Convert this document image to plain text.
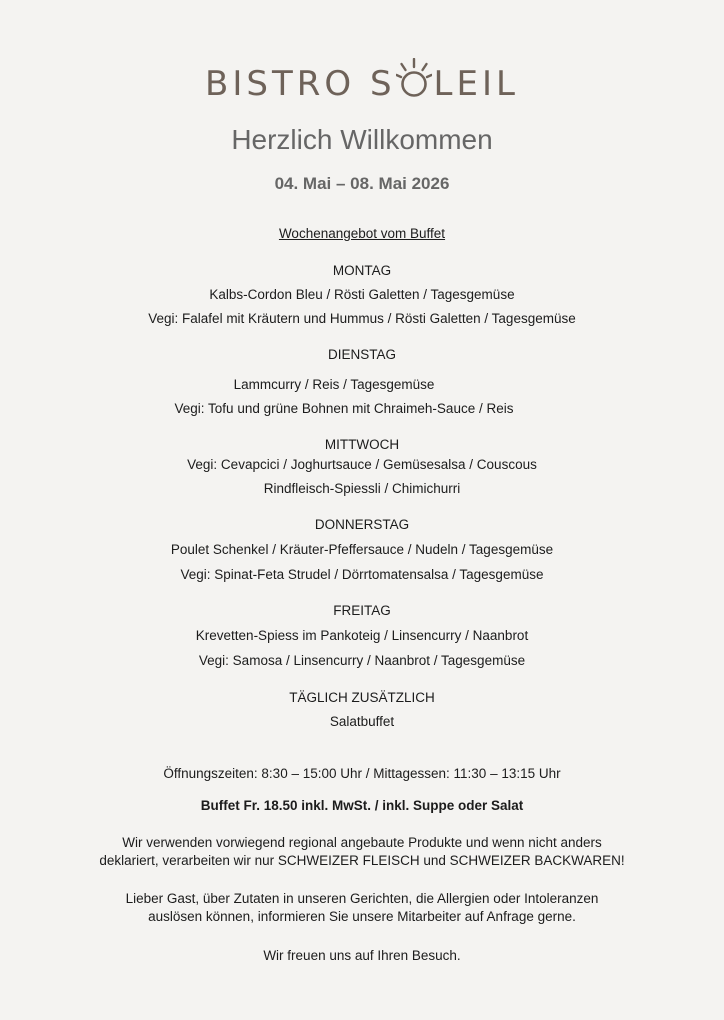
BISTRO S LEIL
Herzlich Willkommen
04. Mai – 08. Mai 2026
Wochenangebot vom Buffet
MONTAG
Kalbs-Cordon Bleu / Rösti Galetten / Tagesgemüse
Vegi: Falafel mit Kräutern und Hummus / Rösti Galetten / Tagesgemüse
DIENSTAG
Lammcurry / Reis / Tagesgemüse
Vegi: Tofu und grüne Bohnen mit Chraimeh-Sauce / Reis
MITTWOCH
Vegi: Cevapcici / Joghurtsauce / Gemüsesalsa / Couscous
Rindfleisch-Spiessli / Chimichurri
DONNERSTAG
Poulet Schenkel / Kräuter-Pfeffersauce / Nudeln / Tagesgemüse
Vegi: Spinat-Feta Strudel / Dörrtomatensalsa / Tagesgemüse
FREITAG
Krevetten-Spiess im Pankoteig / Linsencurry / Naanbrot
Vegi: Samosa / Linsencurry / Naanbrot / Tagesgemüse
TÄGLICH ZUSÄTZLICH
Salatbuffet
Öffnungszeiten: 8:30 – 15:00 Uhr / Mittagessen: 11:30 – 13:15 Uhr
Buffet Fr. 18.50 inkl. MwSt. / inkl. Suppe oder Salat
Wir verwenden vorwiegend regional angebaute Produkte und wenn nicht anders
deklariert, verarbeiten wir nur SCHWEIZER FLEISCH und SCHWEIZER BACKWAREN!
Lieber Gast, über Zutaten in unseren Gerichten, die Allergien oder Intoleranzen
auslösen können, informieren Sie unsere Mitarbeiter auf Anfrage gerne.
Wir freuen uns auf Ihren Besuch.
